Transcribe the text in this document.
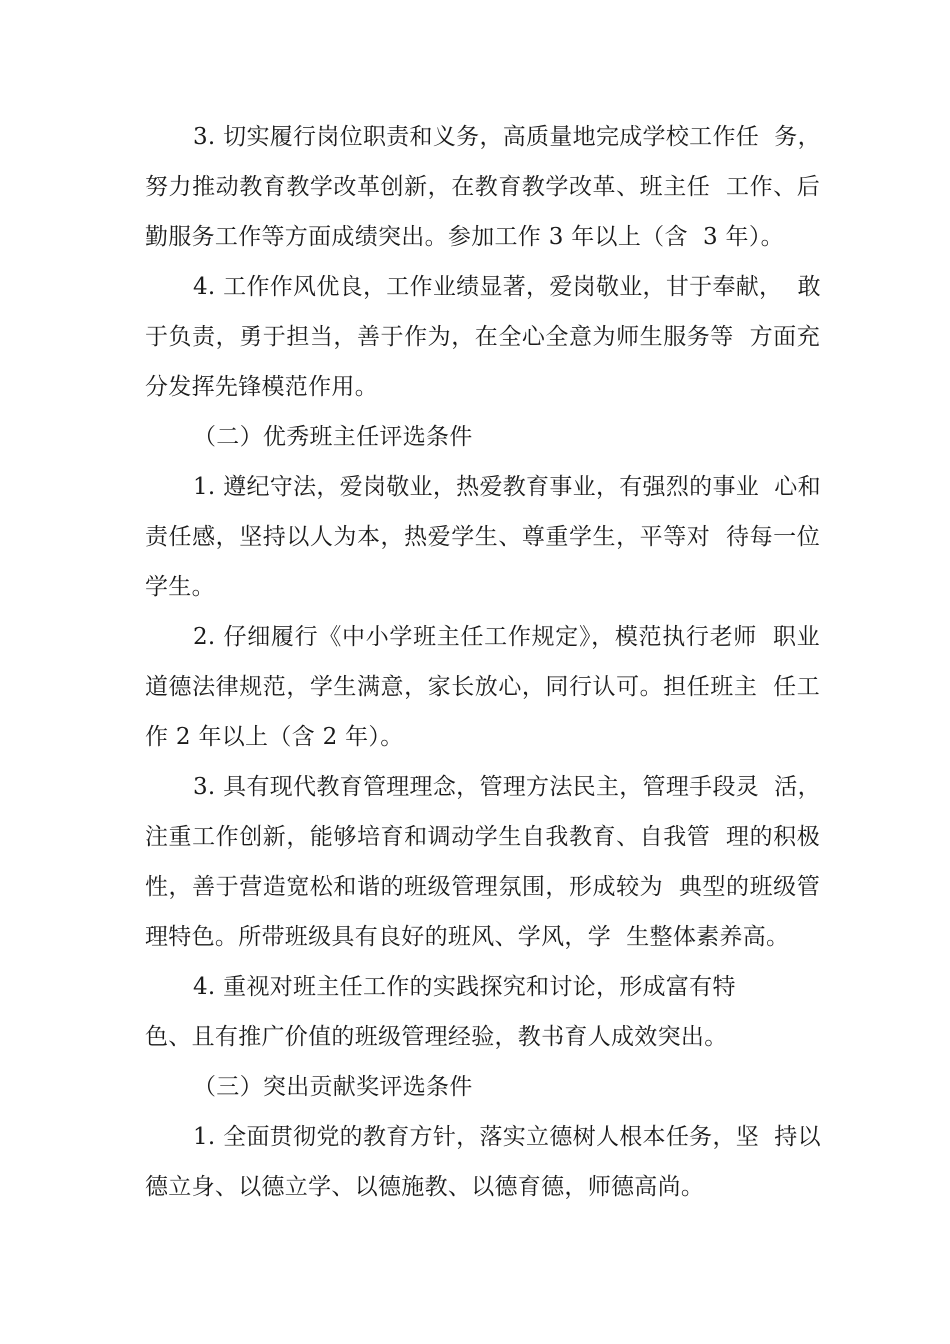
3. 切实履行岗位职责和义务，高质量地完成学校工作任  务，
努力推动教育教学改革创新，在教育教学改革、班主任  工作、后
勤服务工作等方面成绩突出。参加工作 3 年以上（含  3 年）。
4. 工作作风优良，工作业绩显著，爱岗敬业，甘于奉献，  敢
于负责，勇于担当，善于作为，在全心全意为师生服务等  方面充
分发挥先锋模范作用。
（二）优秀班主任评选条件
1. 遵纪守法，爱岗敬业，热爱教育事业，有强烈的事业  心和
责任感，坚持以人为本，热爱学生、尊重学生，平等对  待每一位
学生。
2. 仔细履行《中小学班主任工作规定》，模范执行老师  职业
道德法律规范，学生满意，家长放心，同行认可。担任班主  任工
作 2 年以上（含 2 年）。
3. 具有现代教育管理理念，管理方法民主，管理手段灵  活，
注重工作创新，能够培育和调动学生自我教育、自我管  理的积极
性，善于营造宽松和谐的班级管理氛围，形成较为  典型的班级管
理特色。所带班级具有良好的班风、学风，学  生整体素养高。
4. 重视对班主任工作的实践探究和讨论，形成富有特
色、且有推广价值的班级管理经验，教书育人成效突出。
（三）突出贡献奖评选条件
1. 全面贯彻党的教育方针，落实立德树人根本任务，坚  持以
德立身、以德立学、以德施教、以德育德，师德高尚。
